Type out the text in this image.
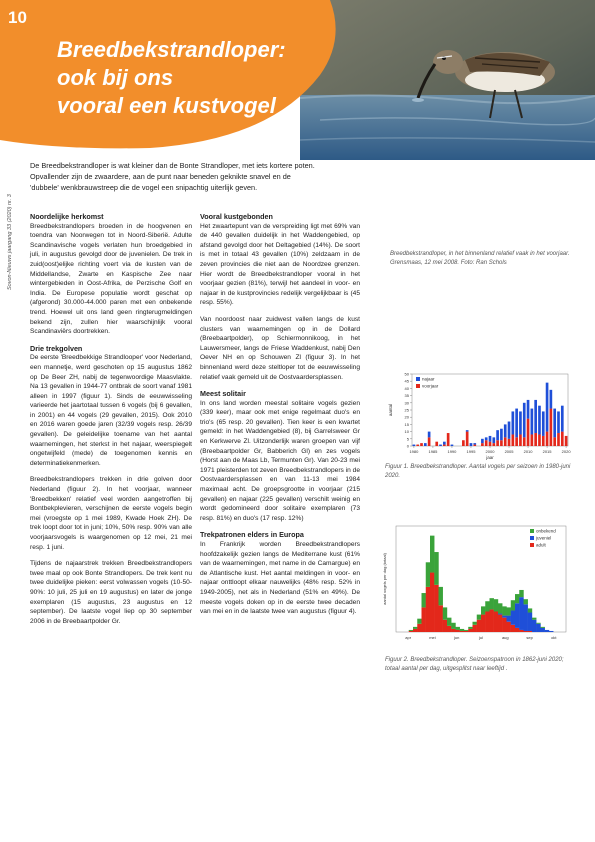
10
Breedbekstrandloper:
ook bij ons
vooral een kustvogel
Sovon-Nieuws jaargang 33 (2020) nr. 3
De Breedbekstrandloper is wat kleiner dan de Bonte Strandloper, met iets kortere poten. Opvallender zijn de zwaardere, aan de punt naar beneden geknikte snavel en de 'dubbele' wenkbrauwstreep die de vogel een snipachtig uiterlijk geven.
Noordelijke herkomst

Breedbekstrandlopers broeden in de hoogvenen en toendra van Noorwegen tot in Noord-Siberië. Adulte Scandinavische vogels verlaten hun broedgebied in juli, in augustus gevolgd door de juvenielen. De trek in zuid(oost)elijke richting voert via de kusten van de Middellandse, Zwarte en Kaspische Zee naar wintergebieden in Oost-Afrika, de Perzische Golf en India. De Europese populatie wordt geschat op (afgerond) 30.000-44.000 paren met een onbekende trend. Hoewel uit ons land geen ringterugmeldingen bekend zijn, zullen hier waarschijnlijk vooral Scandinaviërs doortrekken.

Drie trekgolven

De eerste 'Breedbekkige Strandlooper' voor Nederland, een mannetje, werd geschoten op 15 augustus 1862 op De Beer ZH, nabij de tegenwoordige Maasvlakte. Na 13 gevallen in 1944-77 ontbrak de soort vanaf 1981 alleen in 1997 (figuur 1). Sinds de eeuwwisseling varieerde het jaartotaal tussen 6 vogels (bij 6 gevallen, in 2001) en 44 vogels (29 gevallen, 2015). Ook 2010 en 2016 waren goede jaren (32/39 vogels resp. 26/39 gevallen). De geleidelijke toename van het aantal waarnemingen, het sterkst in het najaar, weerspiegelt ongetwijfeld (mede) de toegenomen kennis en determinatiekenmerken.

Breedbekstrandlopers trekken in drie golven door Nederland (figuur 2). In het voorjaar, wanneer 'Breedbekken' relatief veel worden aangetroffen bij Bontbekplevieren, verschijnen de eerste vogels begin mei (vroegste op 1 mei 1989, Kwade Hoek ZH). De trek loopt door tot in juni; 10%, 50% resp. 90% van alle voorjaarsvogels is waargenomen op 12 mei, 21 mei resp. 1 juni.

Tijdens de najaarstrek trekken Breedbekstrandlopers twee maal op ook Bonte Strandlopers. De trek kent nu twee duidelijke pieken: eerst volwassen vogels (10-50-90%: 10 juli, 25 juli en 19 augustus) en later de jonge exemplaren (15 augustus, 23 augustus en 12 september). De laatste vogel liep op 30 september 2006 in de Breebaartpolder Gr.

Vooral kustgebonden

Het zwaartepunt van de verspreiding ligt met 69% van de 440 gevallen duidelijk in het Waddengebied, op afstand gevolgd door het Deltagebied (14%). De soort is met in totaal 43 gevallen (10%) zeldzaam in de zeven provincies die niet aan de Noordzee grenzen. Hier wordt de Breedbekstrandloper vooral in het voorjaar gezien (81%), terwijl het aandeel in voor- en najaar in de kustprovincies redelijk vergelijkbaar is (45 resp. 55%).

Van noordoost naar zuidwest vallen langs de kust clusters van waarnemingen op in de Dollard (Breebaartpolder), op Schiermonnikoog, in het Lauwersmeer, langs de Friese Waddenkust, nabij Den Oever NH en op Schouwen Zl (figuur 3). In het binnenland werd deze steltloper tot de eeuwwisseling relatief vaak gemeld uit de Oostvaardersplassen.

Meest solitair

In ons land worden meestal solitaire vogels gezien (339 keer), maar ook met enige regelmaat duo's en trio's (65 resp. 20 gevallen). Tien keer is een kwartet gemeld: in het Waddengebied (8), bij Garrelsweer Gr en Kerkwerve Zl. Uitzonderlijk waren groepen van vijf (Breebaartpolder Gr, Babberich Gl) en zes vogels (Horst aan de Maas Lb, Termunten Gr). Van 20-23 mei 1971 pleisterden tot zeven Breedbekstrandlopers in de Oostvaardersplassen en van 11-13 mei 1984 maximaal acht. De groepsgrootte in voorjaar (215 gevallen) en najaar (225 gevallen) verschilt weinig en wordt gedomineerd door solitaire exemplaren (73 resp. 81%) en duo's (17 resp. 12%)

Trekpatronen elders in Europa

In Frankrijk worden Breedbekstrandlopers hoofdzakelijk gezien langs de Mediterrane kust (61% van de waarnemingen, met name in de Camargue) en de Atlantische kust. Het aantal meldingen in voor- en najaar onttloopt elkaar nauwelijks (48% resp. 52% in 1949-2005), net als in Nederland (51% en 49%). De meeste vogels doken op in de eerste twee decaden van mei en in de laatste twee van augustus (figuur 4).

Breedbekstrandloper, in het binnenland relatief vaak in het voorjaar. Grensmaas, 12 mei 2008. Foto: Ran Schols
Figuur 1. Breedbekstrandloper. Aantal vogels per seizoen in 1980-juni 2020.
Figuur 2. Breedbekstrandloper. Seizoenspatroon in 1862-juni 2020; totaal aantal per dag, uitgesplitst naar leeftijd .
0
5
10
15
20
25
30
35
40
45
50
1980	1985	1990	1995	2000	2005	2010	2015	2020
jaar
aantal
najaar
voorjaar
apr	mei	jun	jul	aug	sep	okt
aantal vogels per dag (totaal)
onbekend
juveniel
adult
